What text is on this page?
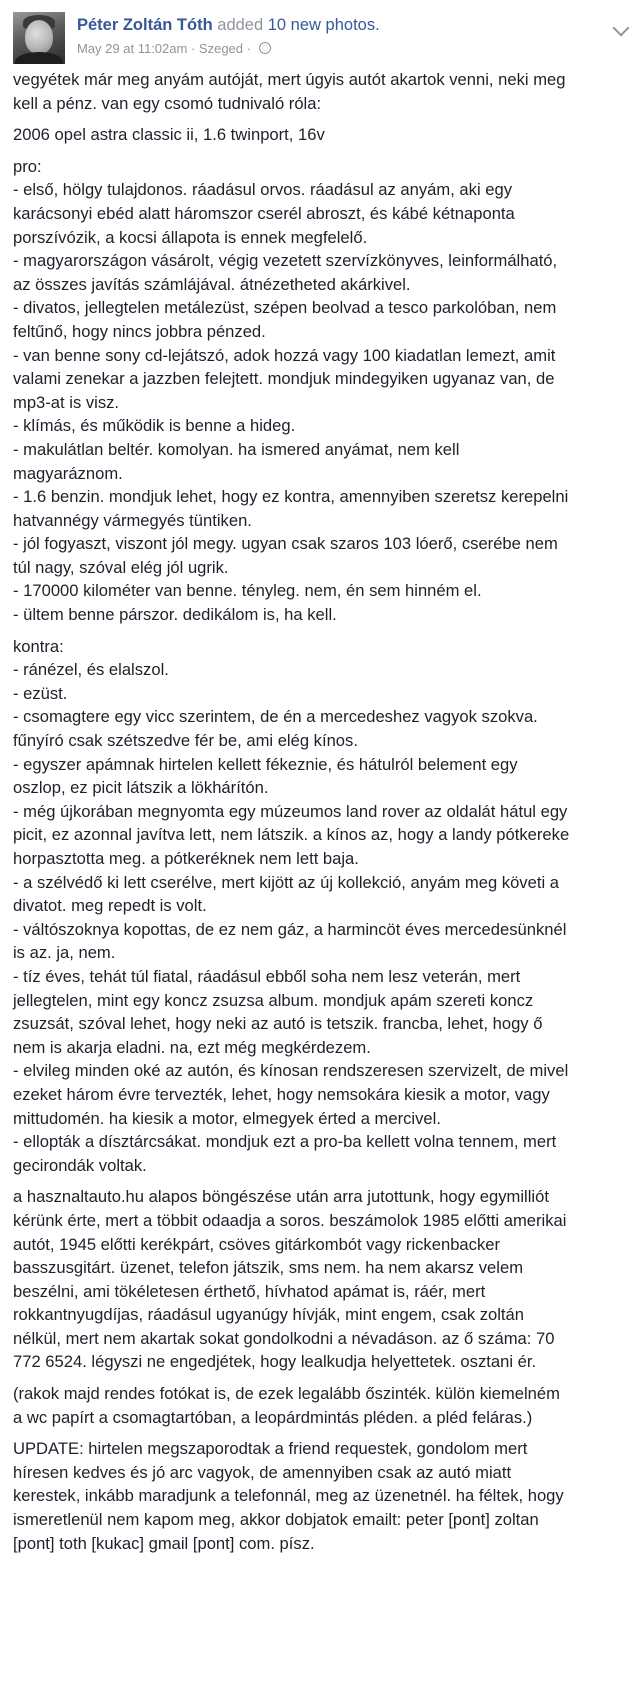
Péter Zoltán Tóth added 10 new photos.
May 29 at 11:02am · Szeged ·

vegyétek már meg anyám autóját, mert úgyis autót akartok venni, neki meg
kell a pénz. van egy csomó tudnivaló róla:

2006 opel astra classic ii, 1.6 twinport, 16v

pro:
- első, hölgy tulajdonos. ráadásul orvos. ráadásul az anyám, aki egy
karácsonyi ebéd alatt háromszor cserél abroszt, és kábé kétnaponta
porszívózik, a kocsi állapota is ennek megfelelő.
- magyarországon vásárolt, végig vezetett szervízkönyves, leinformálható,
az összes javítás számlájával. átnézetheted akárkivel.
- divatos, jellegtelen metálezüst, szépen beolvad a tesco parkolóban, nem
feltűnő, hogy nincs jobbra pénzed.
- van benne sony cd-lejátszó, adok hozzá vagy 100 kiadatlan lemezt, amit
valami zenekar a jazzben felejtett. mondjuk mindegyiken ugyanaz van, de
mp3-at is visz.
- klímás, és működik is benne a hideg.
- makulátlan beltér. komolyan. ha ismered anyámat, nem kell
magyaráznom.
- 1.6 benzin. mondjuk lehet, hogy ez kontra, amennyiben szeretsz kerepelni
hatvannégy vármegyés tüntiken.
- jól fogyaszt, viszont jól megy. ugyan csak szaros 103 lóerő, cserébe nem
túl nagy, szóval elég jól ugrik.
- 170000 kilométer van benne. tényleg. nem, én sem hinném el.
- ültem benne párszor. dedikálom is, ha kell.

kontra:
- ránézel, és elalszol.
- ezüst.
- csomagtere egy vicc szerintem, de én a mercedeshez vagyok szokva.
fűnyíró csak szétszedve fér be, ami elég kínos.
- egyszer apámnak hirtelen kellett fékeznie, és hátulról belement egy
oszlop, ez picit látszik a lökhárítón.
- még újkorában megnyomta egy múzeumos land rover az oldalát hátul egy
picit, ez azonnal javítva lett, nem látszik. a kínos az, hogy a landy pótkereke
horpasztotta meg. a pótkeréknek nem lett baja.
- a szélvédő ki lett cserélve, mert kijött az új kollekció, anyám meg követi a
divatot. meg repedt is volt.
- váltószoknya kopottas, de ez nem gáz, a harmincöt éves mercedesünknél
is az. ja, nem.
- tíz éves, tehát túl fiatal, ráadásul ebből soha nem lesz veterán, mert
jellegtelen, mint egy koncz zsuzsa album. mondjuk apám szereti koncz
zsuzsát, szóval lehet, hogy neki az autó is tetszik. francba, lehet, hogy ő
nem is akarja eladni. na, ezt még megkérdezem.
- elvileg minden oké az autón, és kínosan rendszeresen szervizelt, de mivel
ezeket három évre tervezték, lehet, hogy nemsokára kiesik a motor, vagy
mittudomén. ha kiesik a motor, elmegyek érted a mercivel.
- ellopták a dísztárcsákat. mondjuk ezt a pro-ba kellett volna tennem, mert
gecirondák voltak.

a hasznaltauto.hu alapos böngészése után arra jutottunk, hogy egymilliót
kérünk érte, mert a többit odaadja a soros. beszámolok 1985 előtti amerikai
autót, 1945 előtti kerékpárt, csöves gitárkombót vagy rickenbacker
basszusgitárt. üzenet, telefon játszik, sms nem. ha nem akarsz velem
beszélni, ami tökéletesen érthető, hívhatod apámat is, ráér, mert
rokkantnyugdíjas, ráadásul ugyanúgy hívják, mint engem, csak zoltán
nélkül, mert nem akartak sokat gondolkodni a névadáson. az ő száma: 70
772 6524. légyszi ne engedjétek, hogy lealkudja helyettetek. osztani ér.

(rakok majd rendes fotókat is, de ezek legalább őszinték. külön kiemelném
a wc papírt a csomagtartóban, a leopárdmintás pléden. a pléd feláras.)

UPDATE: hirtelen megszaporodtak a friend requestek, gondolom mert
híresen kedves és jó arc vagyok, de amennyiben csak az autó miatt
kerestek, inkább maradjunk a telefonnál, meg az üzenetnél. ha féltek, hogy
ismeretlenül nem kapom meg, akkor dobjatok emailt: peter [pont] zoltan
[pont] toth [kukac] gmail [pont] com. písz.
